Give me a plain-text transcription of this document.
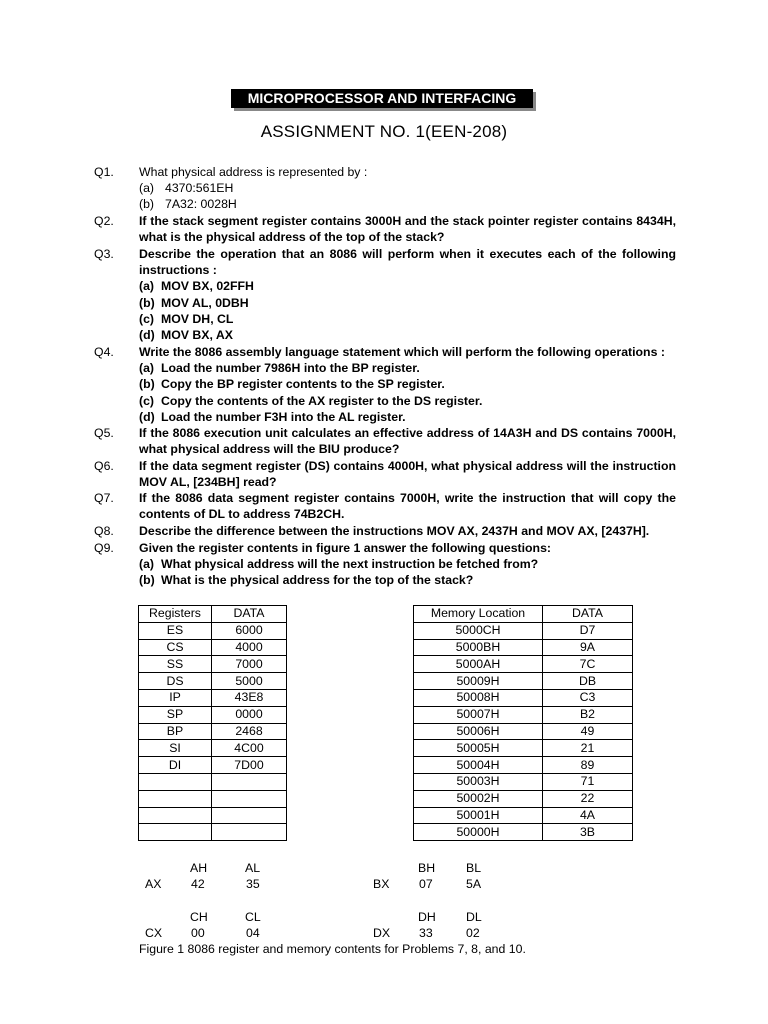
MICROPROCESSOR AND INTERFACING
ASSIGNMENT NO. 1(EEN-208)
Q1. What physical address is represented by :
(a) 4370:561EH
(b) 7A32: 0028H
Q2. If the stack segment register contains 3000H and the stack pointer register contains 8434H, what is the physical address of the top of the stack?
Q3. Describe the operation that an 8086 will perform when it executes each of the following instructions :
(a) MOV BX, 02FFH
(b) MOV AL, 0DBH
(c) MOV DH, CL
(d) MOV BX, AX
Q4. Write the 8086 assembly language statement which will perform the following operations :
(a) Load the number 7986H into the BP register.
(b) Copy the BP register contents to the SP register.
(c) Copy the contents of the AX register to the DS register.
(d) Load the number F3H into the AL register.
Q5. If the 8086 execution unit calculates an effective address of 14A3H and DS contains 7000H, what physical address will the BIU produce?
Q6. If the data segment register (DS) contains 4000H, what physical address will the instruction MOV AL, [234BH] read?
Q7. If the 8086 data segment register contains 7000H, write the instruction that will copy the contents of DL to address 74B2CH.
Q8. Describe the difference between the instructions MOV AX, 2437H and MOV AX, [2437H].
Q9. Given the register contents in figure 1 answer the following questions:
(a) What physical address will the next instruction be fetched from?
(b) What is the physical address for the top of the stack?
Registers	DATA
ES	6000
CS	4000
SS	7000
DS	5000
IP	43E8
SP	0000
BP	2468
SI	4C00
DI	7D00

Memory Location	DATA
5000CH	D7
5000BH	9A
5000AH	7C
50009H	DB
50008H	C3
50007H	B2
50006H	49
50005H	21
50004H	89
50003H	71
50002H	22
50001H	4A
50000H	3B
AH	AL
AX 42	35
BH	BL
BX 07	5A
CH	CL
CX 00	04
DH DL
DX 33	02
Figure 1 8086 register and memory contents for Problems 7, 8, and 10.
